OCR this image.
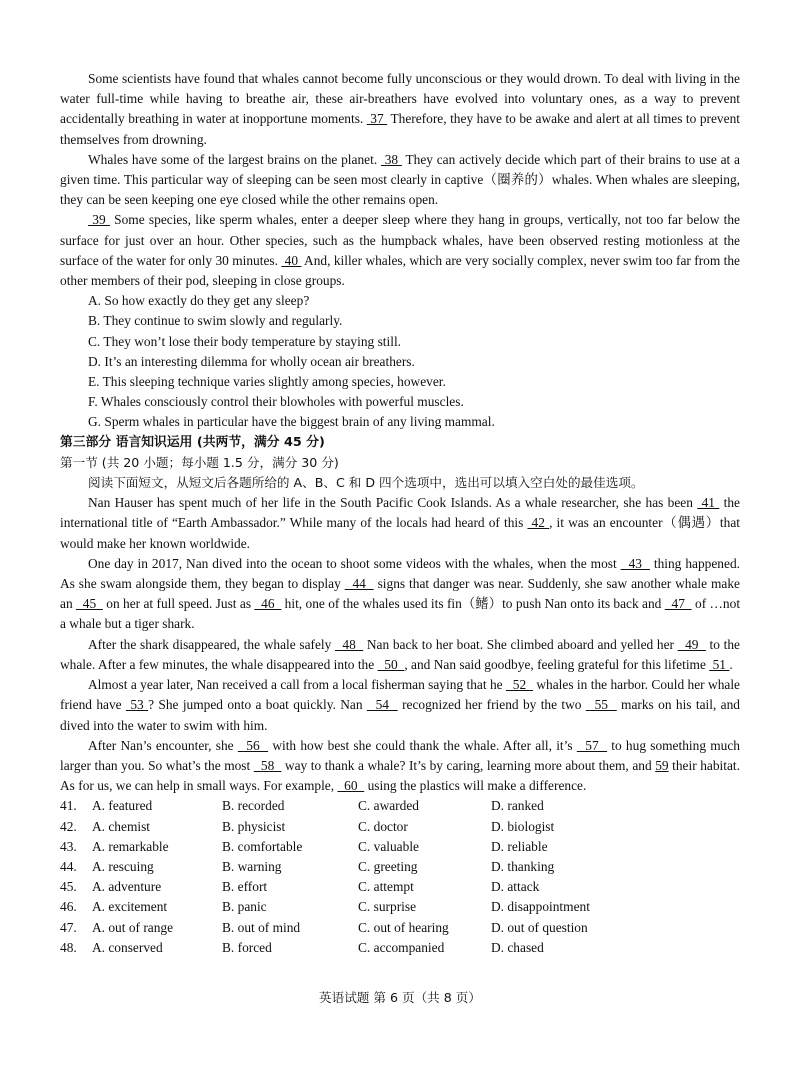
Some scientists have found that whales cannot become fully unconscious or they would drown. To deal with living in the water full-time while having to breathe air, these air-breathers have evolved into voluntary ones, as a way to prevent accidentally breathing in water at inopportune moments.  37  Therefore, they have to be awake and alert at all times to prevent themselves from drowning.

Whales have some of the largest brains on the planet.  38  They can actively decide which part of their brains to use at a given time. This particular way of sleeping can be seen most clearly in captive（圈养的）whales. When whales are sleeping, they can be seen keeping one eye closed while the other remains open.

39  Some species, like sperm whales, enter a deeper sleep where they hang in groups, vertically, not too far below the surface for just over an hour. Other species, such as the humpback whales, have been observed resting motionless at the surface of the water for only 30 minutes.  40  And, killer whales, which are very socially complex, never swim too far from the other members of their pod, sleeping in close groups.

A. So how exactly do they get any sleep?

B. They continue to swim slowly and regularly.

C. They won’t lose their body temperature by staying still.

D. It’s an interesting dilemma for wholly ocean air breathers.

E. This sleeping technique varies slightly among species, however.

F. Whales consciously control their blowholes with powerful muscles.

G. Sperm whales in particular have the biggest brain of any living mammal.

第三部分 语言知识运用 (共两节，满分 45 分)

第一节 (共 20 小题；每小题 1.5 分，满分 30 分)

阅读下面短文，从短文后各题所给的 A、B、C 和 D 四个选项中，选出可以填入空白处的最佳选项。

Nan Hauser has spent much of her life in the South Pacific Cook Islands. As a whale researcher, she has been  41  the international title of “Earth Ambassador.” While many of the locals had heard of this  42 , it was an encounter（偶遇）that would make her known worldwide.

One day in 2017, Nan dived into the ocean to shoot some videos with the whales, when the most   43   thing happened. As she swam alongside them, they began to display   44   signs that danger was near. Suddenly, she saw another whale make an   45   on her at full speed. Just as   46   hit, one of the whales used its fin（鳍）to push Nan onto its back and   47   of …not a whale but a tiger shark.

After the shark disappeared, the whale safely   48   Nan back to her boat. She climbed aboard and yelled her   49   to the whale. After a few minutes, the whale disappeared into the   50  , and Nan said goodbye, feeling grateful for this lifetime  51 .

Almost a year later, Nan received a call from a local fisherman saying that he   52   whales in the harbor. Could her whale friend have  53 ? She jumped onto a boat quickly. Nan   54   recognized her friend by the two   55   marks on his tail, and dived into the water to swim with him.

After Nan’s encounter, she   56   with how best she could thank the whale. After all, it’s   57   to hug something much larger than you. So what’s the most   58   way to thank a whale? It’s by caring, learning more about them, and 59 their habitat. As for us, we can help in small ways. For example,   60   using the plastics will make a difference.

41.	A. featured	B. recorded	C. awarded	D. ranked
42.	A. chemist	B. physicist	C. doctor	D. biologist
43.	A. remarkable	B. comfortable	C. valuable	D. reliable
44.	A. rescuing	B. warning	C. greeting	D. thanking
45.	A. adventure	B. effort	C. attempt	D. attack
46.	A. excitement	B. panic	C. surprise	D. disappointment
47.	A. out of range	B. out of mind	C. out of hearing	D. out of question
48.	A. conserved	B. forced	C. accompanied	D. chased
英语试题 第 6 页（共 8 页）
